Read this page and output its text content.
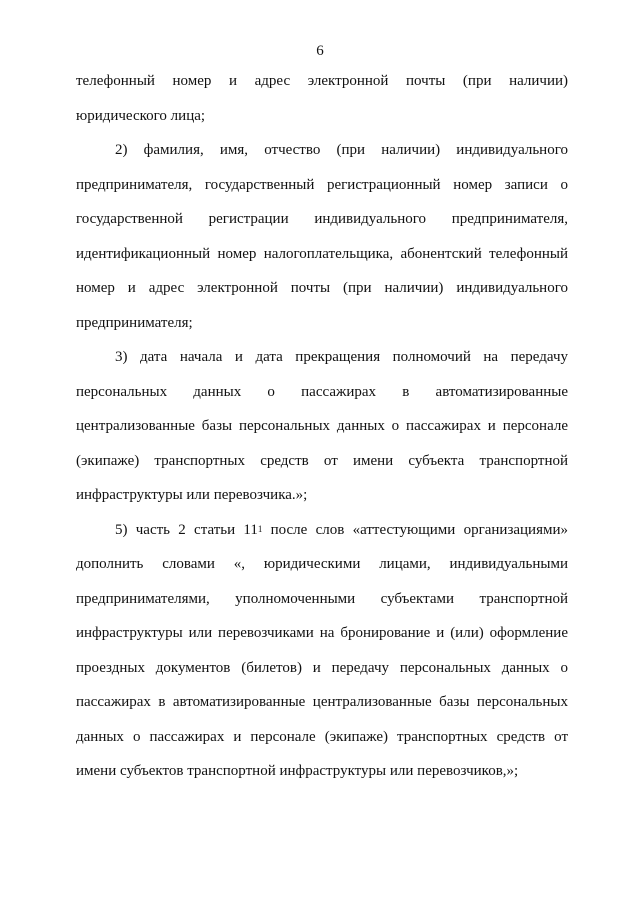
6
телефонный номер и адрес электронной почты (при наличии)
юридического лица;
2) фамилия, имя, отчество (при наличии) индивидуального
предпринимателя, государственный регистрационный номер записи о
государственной регистрации индивидуального предпринимателя,
идентификационный номер налогоплательщика, абонентский телефонный
номер и адрес электронной почты (при наличии) индивидуального
предпринимателя;
3) дата начала и дата прекращения полномочий на передачу
персональных данных о пассажирах в автоматизированные
централизованные базы персональных данных о пассажирах и персонале
(экипаже) транспортных средств от имени субъекта транспортной
инфраструктуры или перевозчика.»;
5) часть 2 статьи $11^1$ после слов «аттестующими организациями»
дополнить словами «, юридическими лицами, индивидуальными
предпринимателями, уполномоченными субъектами транспортной
инфраструктуры или перевозчиками на бронирование и (или) оформление
проездных документов (билетов) и передачу персональных данных о
пассажирах в автоматизированные централизованные базы персональных
данных о пассажирах и персонале (экипаже) транспортных средств от
имени субъектов транспортной инфраструктуры или перевозчиков,»;
